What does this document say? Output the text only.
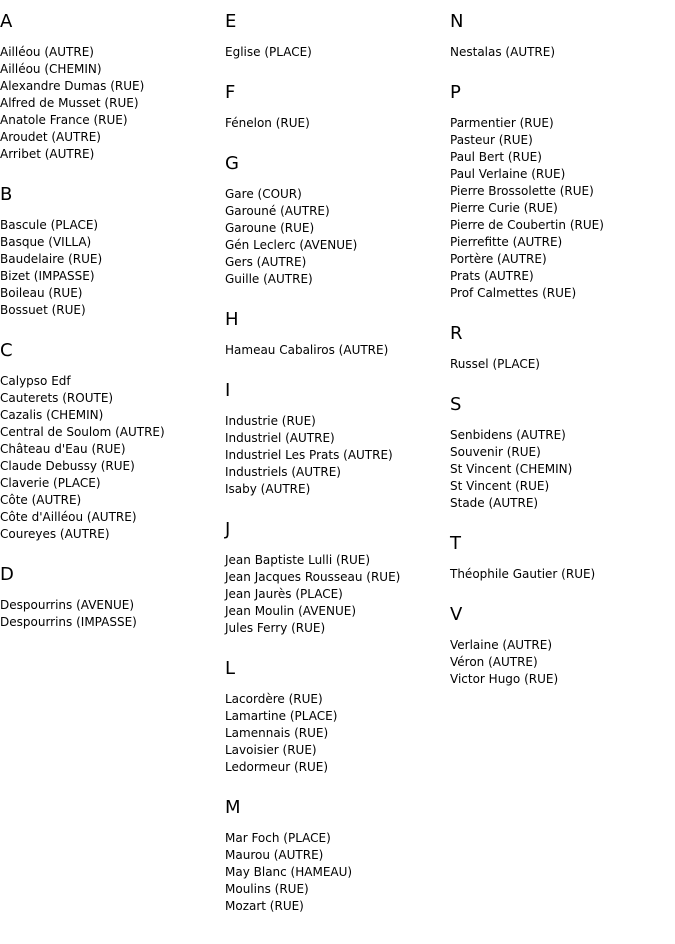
A
Ailléou (AUTRE)
Ailléou (CHEMIN)
Alexandre Dumas (RUE)
Alfred de Musset (RUE)
Anatole France (RUE)
Aroudet (AUTRE)
Arribet (AUTRE)
B
Bascule (PLACE)
Basque (VILLA)
Baudelaire (RUE)
Bizet (IMPASSE)
Boileau (RUE)
Bossuet (RUE)
C
Calypso Edf
Cauterets (ROUTE)
Cazalis (CHEMIN)
Central de Soulom (AUTRE)
Château d'Eau (RUE)
Claude Debussy (RUE)
Claverie (PLACE)
Côte (AUTRE)
Côte d'Ailléou (AUTRE)
Coureyes (AUTRE)
D
Despourrins (AVENUE)
Despourrins (IMPASSE)
E
Eglise (PLACE)
F
Fénelon (RUE)
G
Gare (COUR)
Garouné (AUTRE)
Garoune (RUE)
Gén Leclerc (AVENUE)
Gers (AUTRE)
Guille (AUTRE)
H
Hameau Cabaliros (AUTRE)
I
Industrie (RUE)
Industriel (AUTRE)
Industriel Les Prats (AUTRE)
Industriels (AUTRE)
Isaby (AUTRE)
J
Jean Baptiste Lulli (RUE)
Jean Jacques Rousseau (RUE)
Jean Jaurès (PLACE)
Jean Moulin (AVENUE)
Jules Ferry (RUE)
L
Lacordère (RUE)
Lamartine (PLACE)
Lamennais (RUE)
Lavoisier (RUE)
Ledormeur (RUE)
M
Mar Foch (PLACE)
Maurou (AUTRE)
May Blanc (HAMEAU)
Moulins (RUE)
Mozart (RUE)
N
Nestalas (AUTRE)
P
Parmentier (RUE)
Pasteur (RUE)
Paul Bert (RUE)
Paul Verlaine (RUE)
Pierre Brossolette (RUE)
Pierre Curie (RUE)
Pierre de Coubertin (RUE)
Pierrefitte (AUTRE)
Portère (AUTRE)
Prats (AUTRE)
Prof Calmettes (RUE)
R
Russel (PLACE)
S
Senbidens (AUTRE)
Souvenir (RUE)
St Vincent (CHEMIN)
St Vincent (RUE)
Stade (AUTRE)
T
Théophile Gautier (RUE)
V
Verlaine (AUTRE)
Véron (AUTRE)
Victor Hugo (RUE)
